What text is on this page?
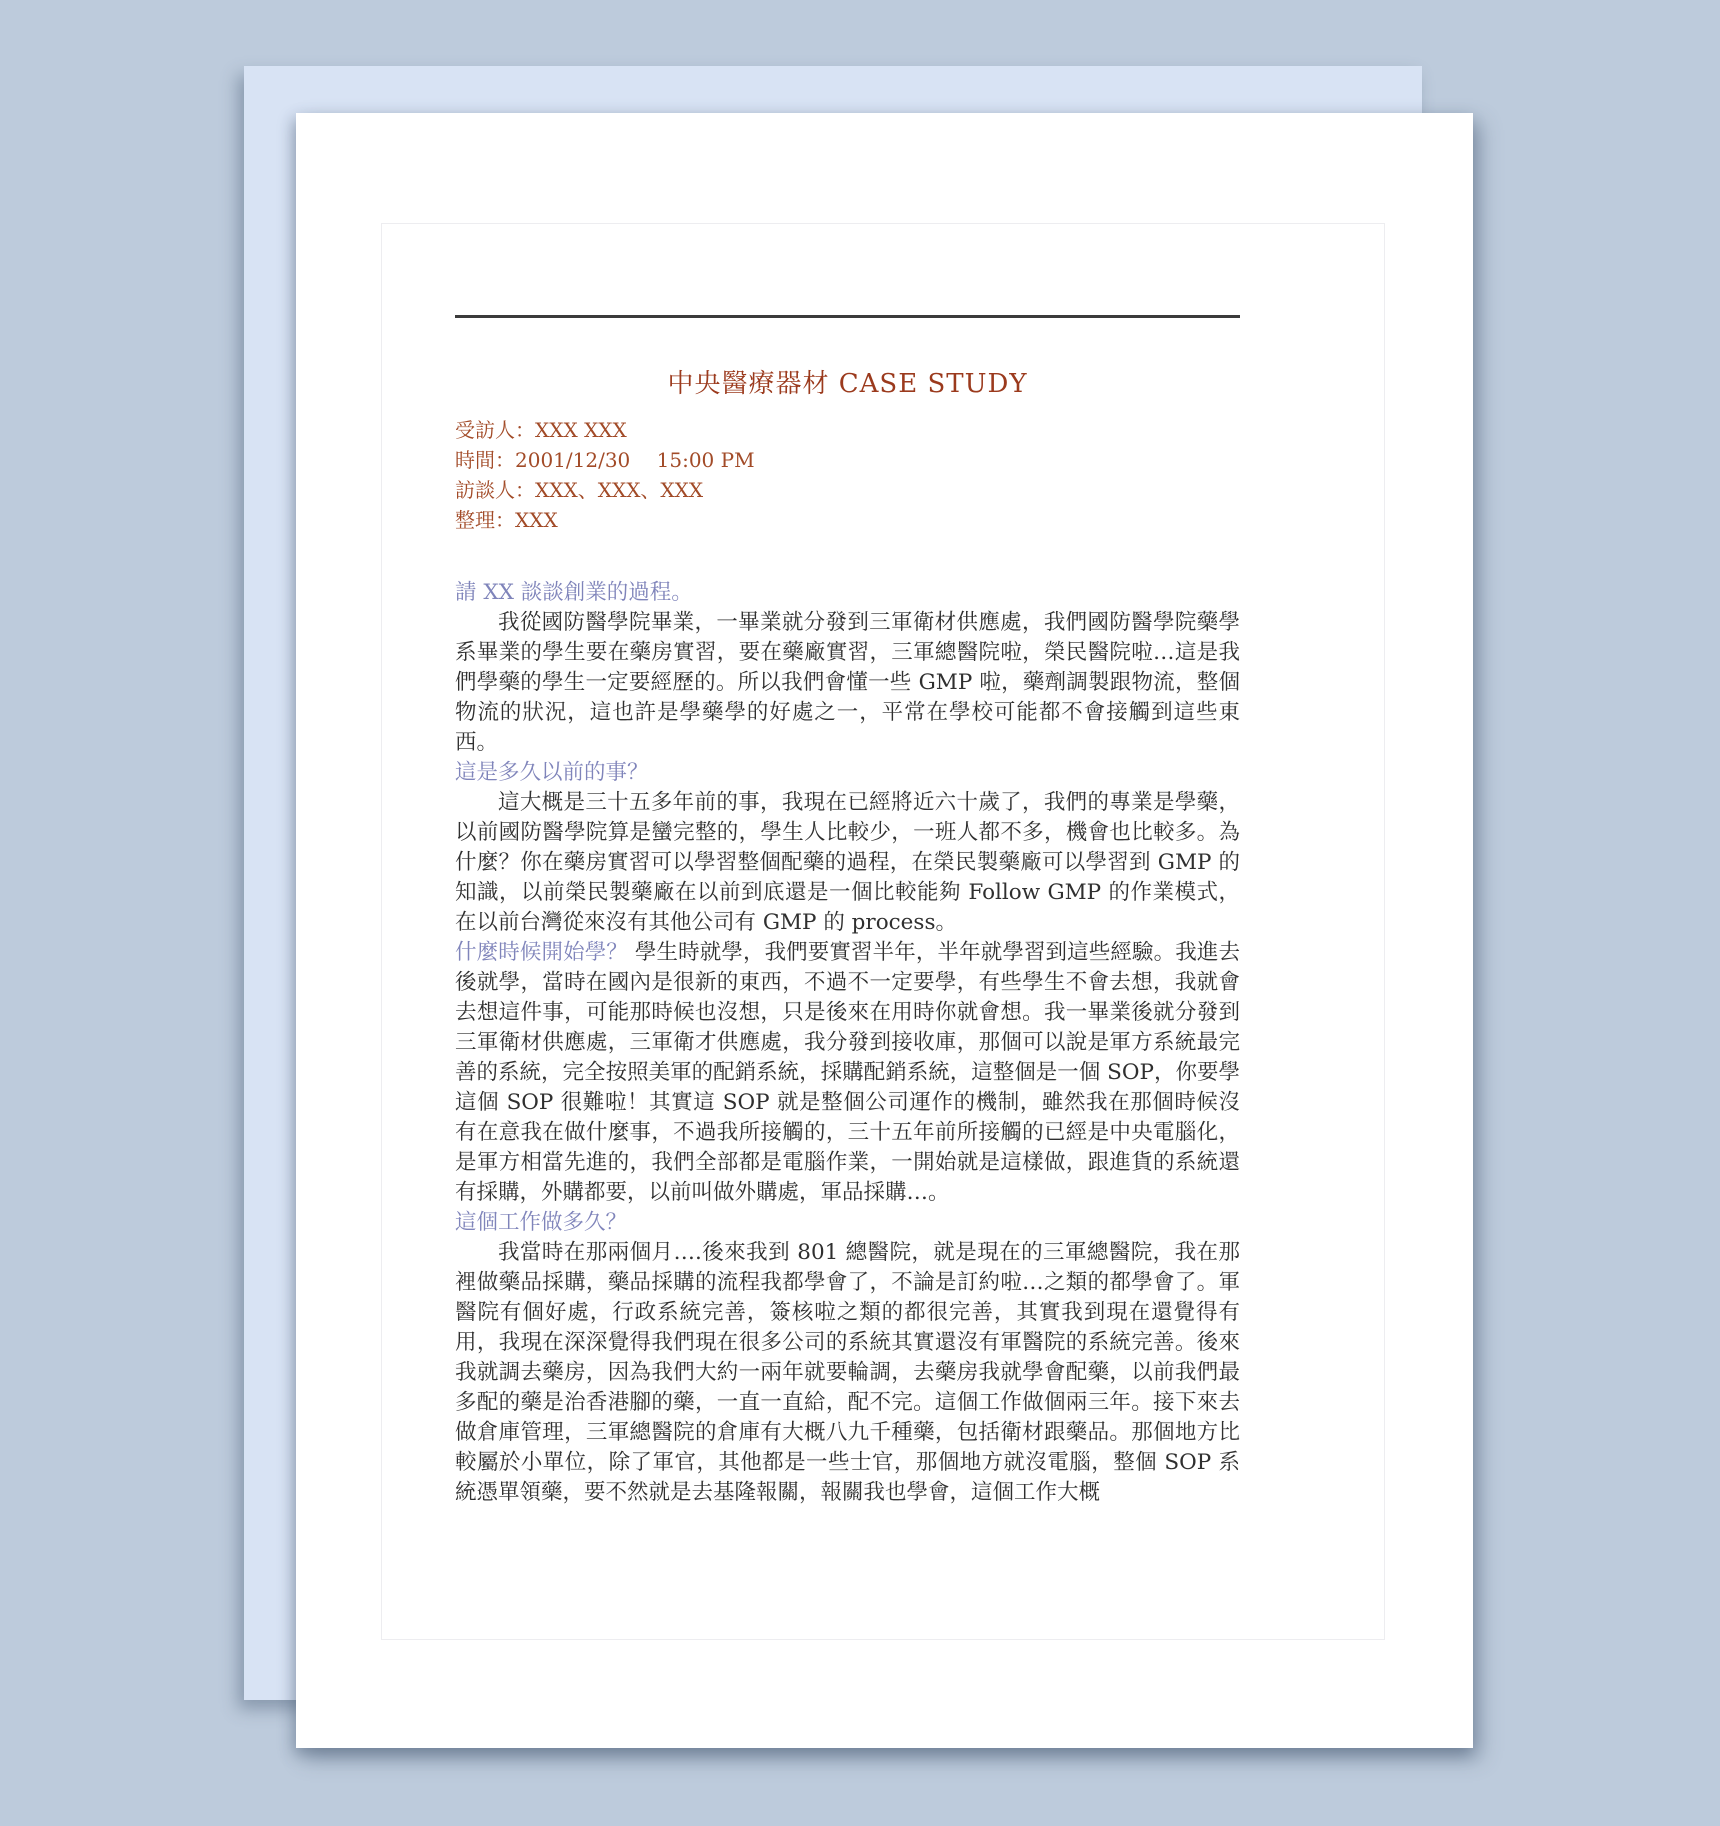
中央醫療器材 CASE STUDY
受訪人：XXX XXX
時間：2001/12/30　 15:00 PM
訪談人：XXX、XXX、XXX
整理：XXX
請 XX 談談創業的過程。

我從國防醫學院畢業，一畢業就分發到三軍衛材供應處，我們國防醫學院藥學系畢業的學生要在藥房實習，要在藥廠實習，三軍總醫院啦，榮民醫院啦…這是我們學藥的學生一定要經歷的。所以我們會懂一些 GMP 啦，藥劑調製跟物流，整個物流的狀況，這也許是學藥學的好處之一，平常在學校可能都不會接觸到這些東西。

這是多久以前的事？

這大概是三十五多年前的事，我現在已經將近六十歲了，我們的專業是學藥，以前國防醫學院算是蠻完整的，學生人比較少，一班人都不多，機會也比較多。為什麼？你在藥房實習可以學習整個配藥的過程，在榮民製藥廠可以學習到 GMP 的知識，以前榮民製藥廠在以前到底還是一個比較能夠 Follow GMP 的作業模式，在以前台灣從來沒有其他公司有 GMP 的 process。

什麼時候開始學？ 學生時就學，我們要實習半年，半年就學習到這些經驗。我進去後就學，當時在國內是很新的東西，不過不一定要學，有些學生不會去想，我就會去想這件事，可能那時候也沒想，只是後來在用時你就會想。我一畢業後就分發到三軍衛材供應處，三軍衛才供應處，我分發到接收庫，那個可以說是軍方系統最完善的系統，完全按照美軍的配銷系統，採購配銷系統，這整個是一個 SOP，你要學這個 SOP 很難啦！其實這 SOP 就是整個公司運作的機制，雖然我在那個時候沒有在意我在做什麼事，不過我所接觸的，三十五年前所接觸的已經是中央電腦化，是軍方相當先進的，我們全部都是電腦作業，一開始就是這樣做，跟進貨的系統還有採購，外購都要，以前叫做外購處，軍品採購…。

這個工作做多久？

我當時在那兩個月….後來我到 801 總醫院，就是現在的三軍總醫院，我在那裡做藥品採購，藥品採購的流程我都學會了，不論是訂約啦…之類的都學會了。軍醫院有個好處，行政系統完善，簽核啦之類的都很完善，其實我到現在還覺得有用，我現在深深覺得我們現在很多公司的系統其實還沒有軍醫院的系統完善。後來我就調去藥房，因為我們大約一兩年就要輪調，去藥房我就學會配藥，以前我們最多配的藥是治香港腳的藥，一直一直給，配不完。這個工作做個兩三年。接下來去做倉庫管理，三軍總醫院的倉庫有大概八九千種藥，包括衛材跟藥品。那個地方比較屬於小單位，除了軍官，其他都是一些士官，那個地方就沒電腦，整個 SOP 系統憑單領藥，要不然就是去基隆報關，報關我也學會，這個工作大概
